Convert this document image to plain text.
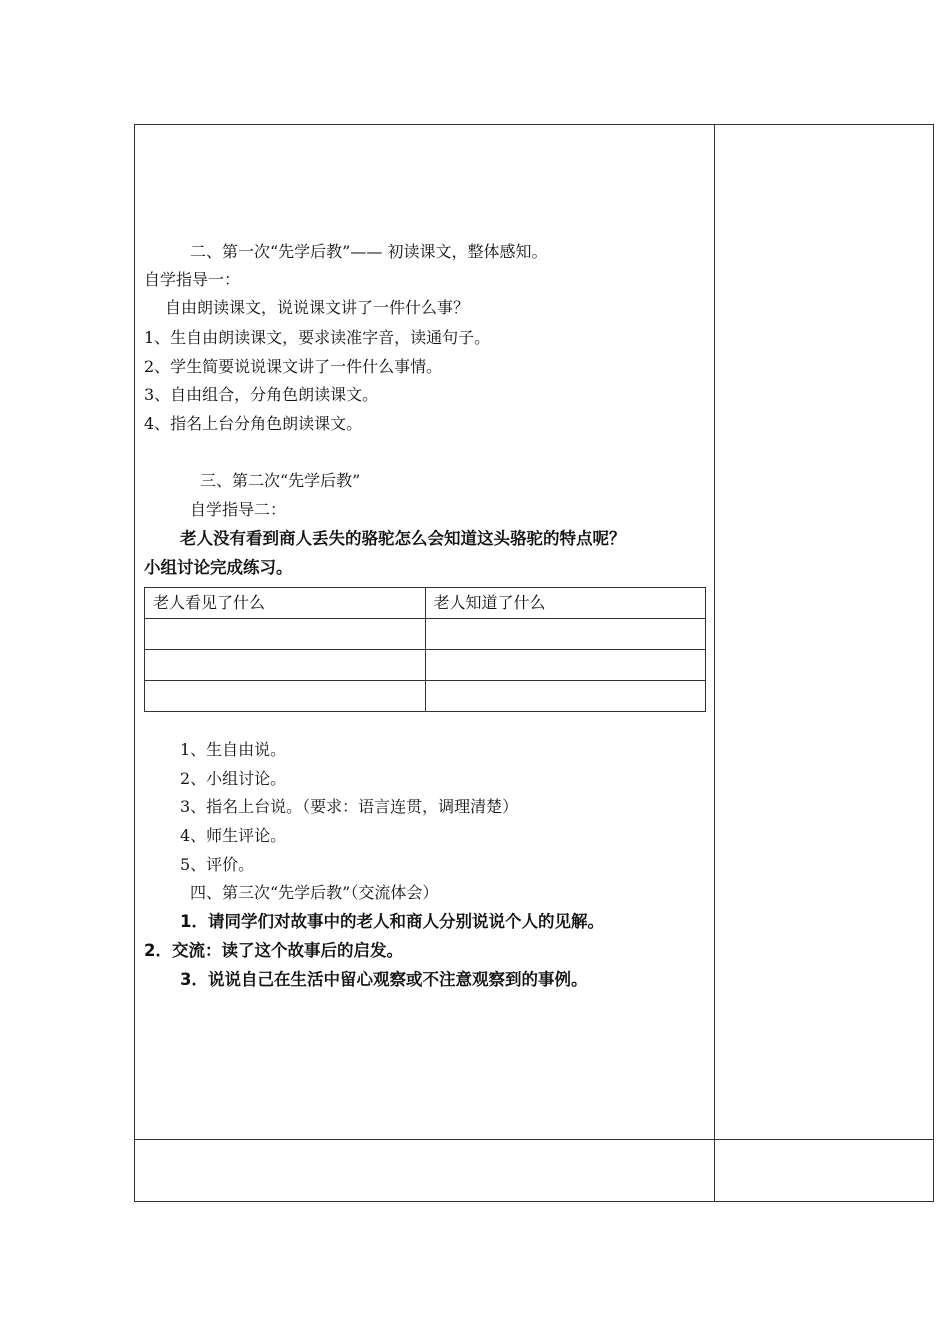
二、第一次“先学后教”—— 初读课文，整体感知。
自学指导一：
自由朗读课文，说说课文讲了一件什么事？
1、生自由朗读课文，要求读准字音，读通句子。
2、学生简要说说课文讲了一件什么事情。
3、自由组合，分角色朗读课文。
4、指名上台分角色朗读课文。
三、第二次“先学后教”
自学指导二：
老人没有看到商人丢失的骆驼怎么会知道这头骆驼的特点呢？
小组讨论完成练习。
老人看见了什么	老人知道了什么

1、生自由说。
2、小组讨论。
3、指名上台说。（要求：语言连贯，调理清楚）
4、师生评论。
5、评价。
四、第三次“先学后教”（交流体会）
1．请同学们对故事中的老人和商人分别说说个人的见解。
2．交流：读了这个故事后的启发。
3．说说自己在生活中留心观察或不注意观察到的事例。
